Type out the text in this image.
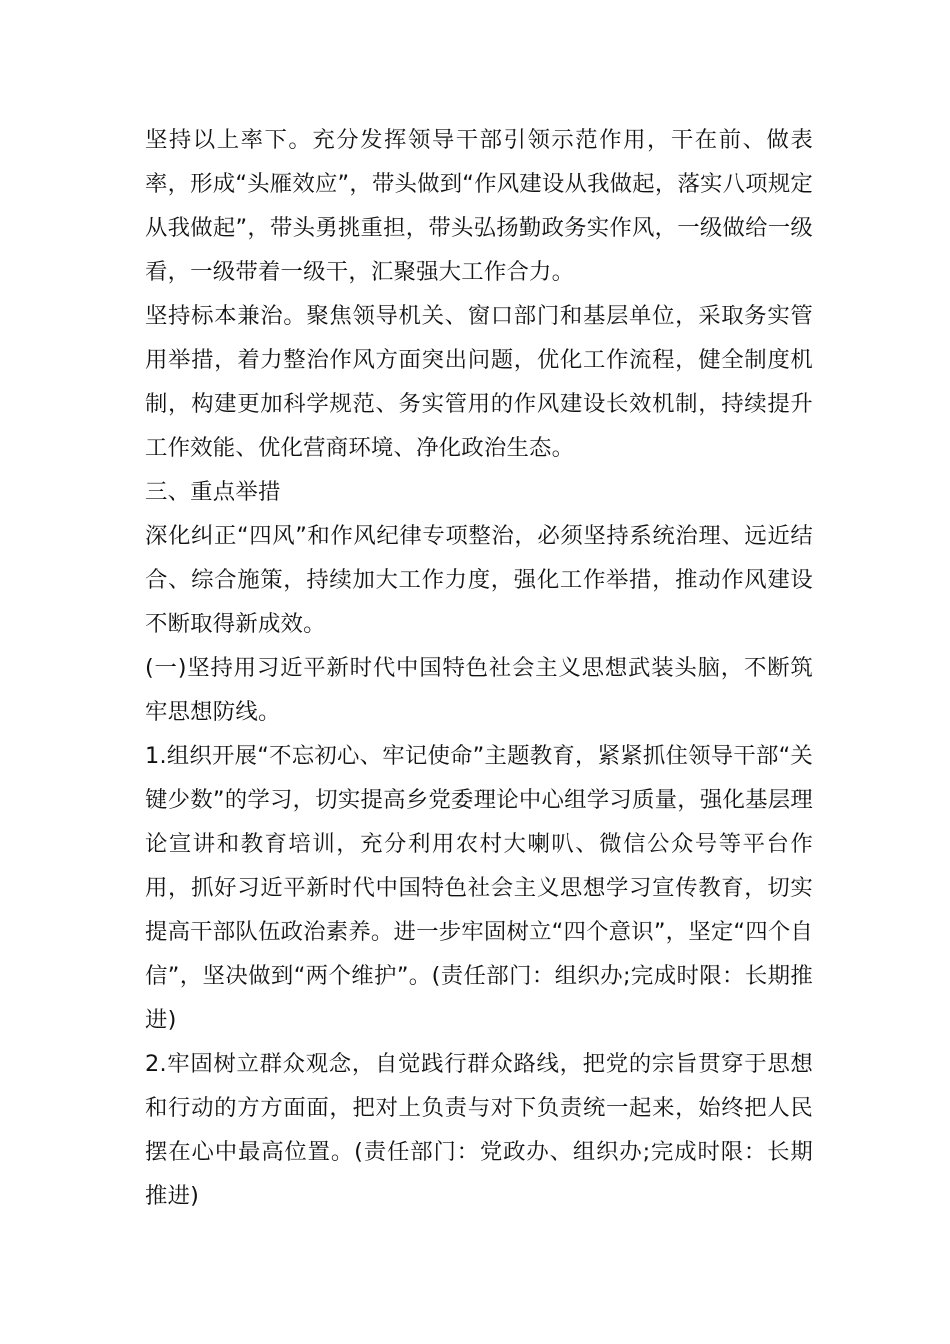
坚持以上率下。充分发挥领导干部引领示范作用，干在前、做表率，形成“头雁效应”，带头做到“作风建设从我做起，落实八项规定从我做起”，带头勇挑重担，带头弘扬勤政务实作风，一级做给一级看，一级带着一级干，汇聚强大工作合力。

坚持标本兼治。聚焦领导机关、窗口部门和基层单位，采取务实管用举措，着力整治作风方面突出问题，优化工作流程，健全制度机制，构建更加科学规范、务实管用的作风建设长效机制，持续提升工作效能、优化营商环境、净化政治生态。

三、重点举措

深化纠正“四风”和作风纪律专项整治，必须坚持系统治理、远近结合、综合施策，持续加大工作力度，强化工作举措，推动作风建设不断取得新成效。

(一)坚持用习近平新时代中国特色社会主义思想武装头脑，不断筑牢思想防线。

1.组织开展“不忘初心、牢记使命”主题教育，紧紧抓住领导干部“关键少数”的学习，切实提高乡党委理论中心组学习质量，强化基层理论宣讲和教育培训，充分利用农村大喇叭、微信公众号等平台作用，抓好习近平新时代中国特色社会主义思想学习宣传教育，切实提高干部队伍政治素养。进一步牢固树立“四个意识”，坚定“四个自信”，坚决做到“两个维护”。(责任部门：组织办;完成时限：长期推进)

2.牢固树立群众观念，自觉践行群众路线，把党的宗旨贯穿于思想和行动的方方面面，把对上负责与对下负责统一起来，始终把人民摆在心中最高位置。(责任部门：党政办、组织办;完成时限：长期推进)
